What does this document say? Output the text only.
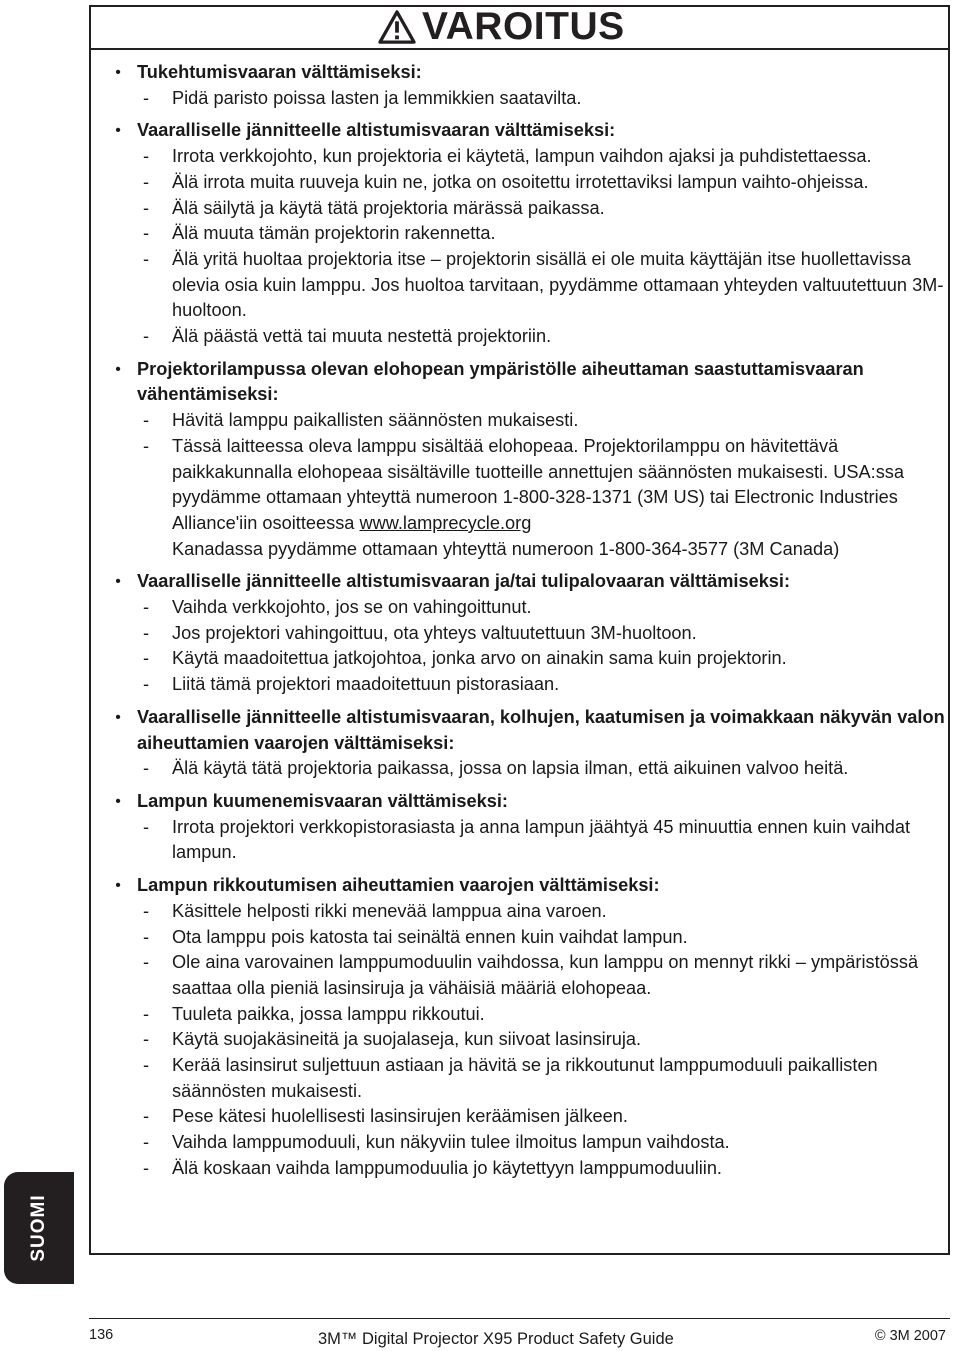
VAROITUS
• Tukehtumisvaaran välttämiseksi:
-	Pidä paristo poissa lasten ja lemmikkien saatavilta.
• Vaaralliselle jännitteelle altistumisvaaran välttämiseksi:
-	Irrota verkkojohto, kun projektoria ei käytetä, lampun vaihdon ajaksi ja puhdistettaessa.
-	Älä irrota muita ruuveja kuin ne, jotka on osoitettu irrotettaviksi lampun vaihto-ohjeissa.
-	Älä säilytä ja käytä tätä projektoria märässä paikassa.
-	Älä muuta tämän projektorin rakennetta.
-	Älä yritä huoltaa projektoria itse – projektorin sisällä ei ole muita käyttäjän itse huollettavissa olevia osia kuin lamppu. Jos huoltoa tarvitaan, pyydämme ottamaan yhteyden valtuutettuun 3M-huoltoon.
-	Älä päästä vettä tai muuta nestettä projektoriin.
• Projektorilampussa olevan elohopean ympäristölle aiheuttaman saastuttamisvaaran vähentämiseksi:
-	Hävitä lamppu paikallisten säännösten mukaisesti.
-	Tässä laitteessa oleva lamppu sisältää elohopeaa. Projektorilamppu on hävitettävä paikkakunnalla elohopeaa sisältäville tuotteille annettujen säännösten mukaisesti. USA:ssa pyydämme ottamaan yhteyttä numeroon 1-800-328-1371 (3M US) tai Electronic Industries Alliance'iin osoitteessa www.lamprecycle.org
Kanadassa pyydämme ottamaan yhteyttä numeroon 1-800-364-3577 (3M Canada)
• Vaaralliselle jännitteelle altistumisvaaran ja/tai tulipalovaaran välttämiseksi:
-	Vaihda verkkojohto, jos se on vahingoittunut.
-	Jos projektori vahingoittuu, ota yhteys valtuutettuun 3M-huoltoon.
-	Käytä maadoitettua jatkojohtoa, jonka arvo on ainakin sama kuin projektorin.
-	Liitä tämä projektori maadoitettuun pistorasiaan.
• Vaaralliselle jännitteelle altistumisvaaran, kolhujen, kaatumisen ja voimakkaan näkyvän valon aiheuttamien vaarojen välttämiseksi:
-	Älä käytä tätä projektoria paikassa, jossa on lapsia ilman, että aikuinen valvoo heitä.
• Lampun kuumenemisvaaran välttämiseksi:
-	Irrota projektori verkkopistorasiasta ja anna lampun jäähtyä 45 minuuttia ennen kuin vaihdat lampun.
• Lampun rikkoutumisen aiheuttamien vaarojen välttämiseksi:
-	Käsittele helposti rikki menevää lamppua aina varoen.
-	Ota lamppu pois katosta tai seinältä ennen kuin vaihdat lampun.
-	Ole aina varovainen lamppumoduulin vaihdossa, kun lamppu on mennyt rikki – ympäristössä saattaa olla pieniä lasinsiruja ja vähäisiä määriä elohopeaa.
-	Tuuleta paikka, jossa lamppu rikkoutui.
-	Käytä suojakäsineitä ja suojalaseja, kun siivoat lasinsiruja.
-	Kerää lasinsirut suljettuun astiaan ja hävitä se ja rikkoutunut lamppumoduuli paikallisten säännösten mukaisesti.
-	Pese kätesi huolellisesti lasinsirujen keräämisen jälkeen.
-	Vaihda lamppumoduuli, kun näkyviin tulee ilmoitus lampun vaihdosta.
-	Älä koskaan vaihda lamppumoduulia jo käytettyyn lamppumoduuliin.
SUOMI
136	3M™ Digital Projector X95 Product Safety Guide	© 3M 2007
